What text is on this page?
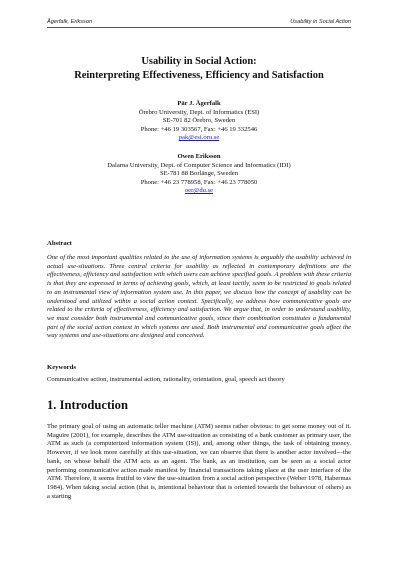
Ågerfalk, Eriksson	Usability in Social Action
Usability in Social Action:
Reinterpreting Effectiveness, Efficiency and Satisfaction
Pär J. Ågerfalk
Örebro University, Dept. of Informatics (ESI)
SE-701 82 Örebro, Sweden
Phone: +46 19 303567, Fax: +46 19 332546
pak@esi.oru.se
Owen Eriksson
Dalarna University, Dept. of Computer Science and Informatics (IDI)
SE-781 88 Borlänge, Sweden
Phone: +46 23 778958, Fax: +46 23 778050
oer@du.se
Abstract

One of the most important qualities related to the use of information systems is arguably the usability achieved in actual use-situations. Three central criteria for usability as reflected in contemporary definitions are the effectiveness, efficiency and satisfaction with which users can achieve specified goals. A problem with these criteria is that they are expressed in terms of achieving goals, which, at least tacitly, seem to be restricted to goals related to an instrumental view of information system use. In this paper, we discuss how the concept of usability can be understood and utilized within a social action context. Specifically, we address how communicative goals are related to the criteria of effectiveness, efficiency and satisfaction. We argue that, in order to understand usability, we must consider both instrumental and communicative goals, since their combination constitutes a fundamental part of the social action context in which systems are used. Both instrumental and communicative goals affect the way systems and use-situations are designed and conceived.

Keywords
Communicative action, instrumental action, rationality, orientation, goal, speech act theory
1. Introduction

The primary goal of using an automatic teller machine (ATM) seems rather obvious: to get some money out of it. Maguire (2001), for example, describes the ATM use-situation as consisting of a bank customer as primary user, the ATM as such (a computerized information system (IS)), and, among other things, the task of obtaining money. However, if we look more carefully at this use-situation, we can observe that there is another actor involved—the bank, on whose behalf the ATM acts as an agent. The bank, as an institution, can be seen as a social actor performing communicative action made manifest by financial transactions taking place at the user interface of the ATM. Therefore, it seems fruitful to view the use-situation from a social action perspective (Weber 1978, Habermas 1984). When taking social action (that is, intentional behaviour that is oriented towards the behaviour of others) as a starting
